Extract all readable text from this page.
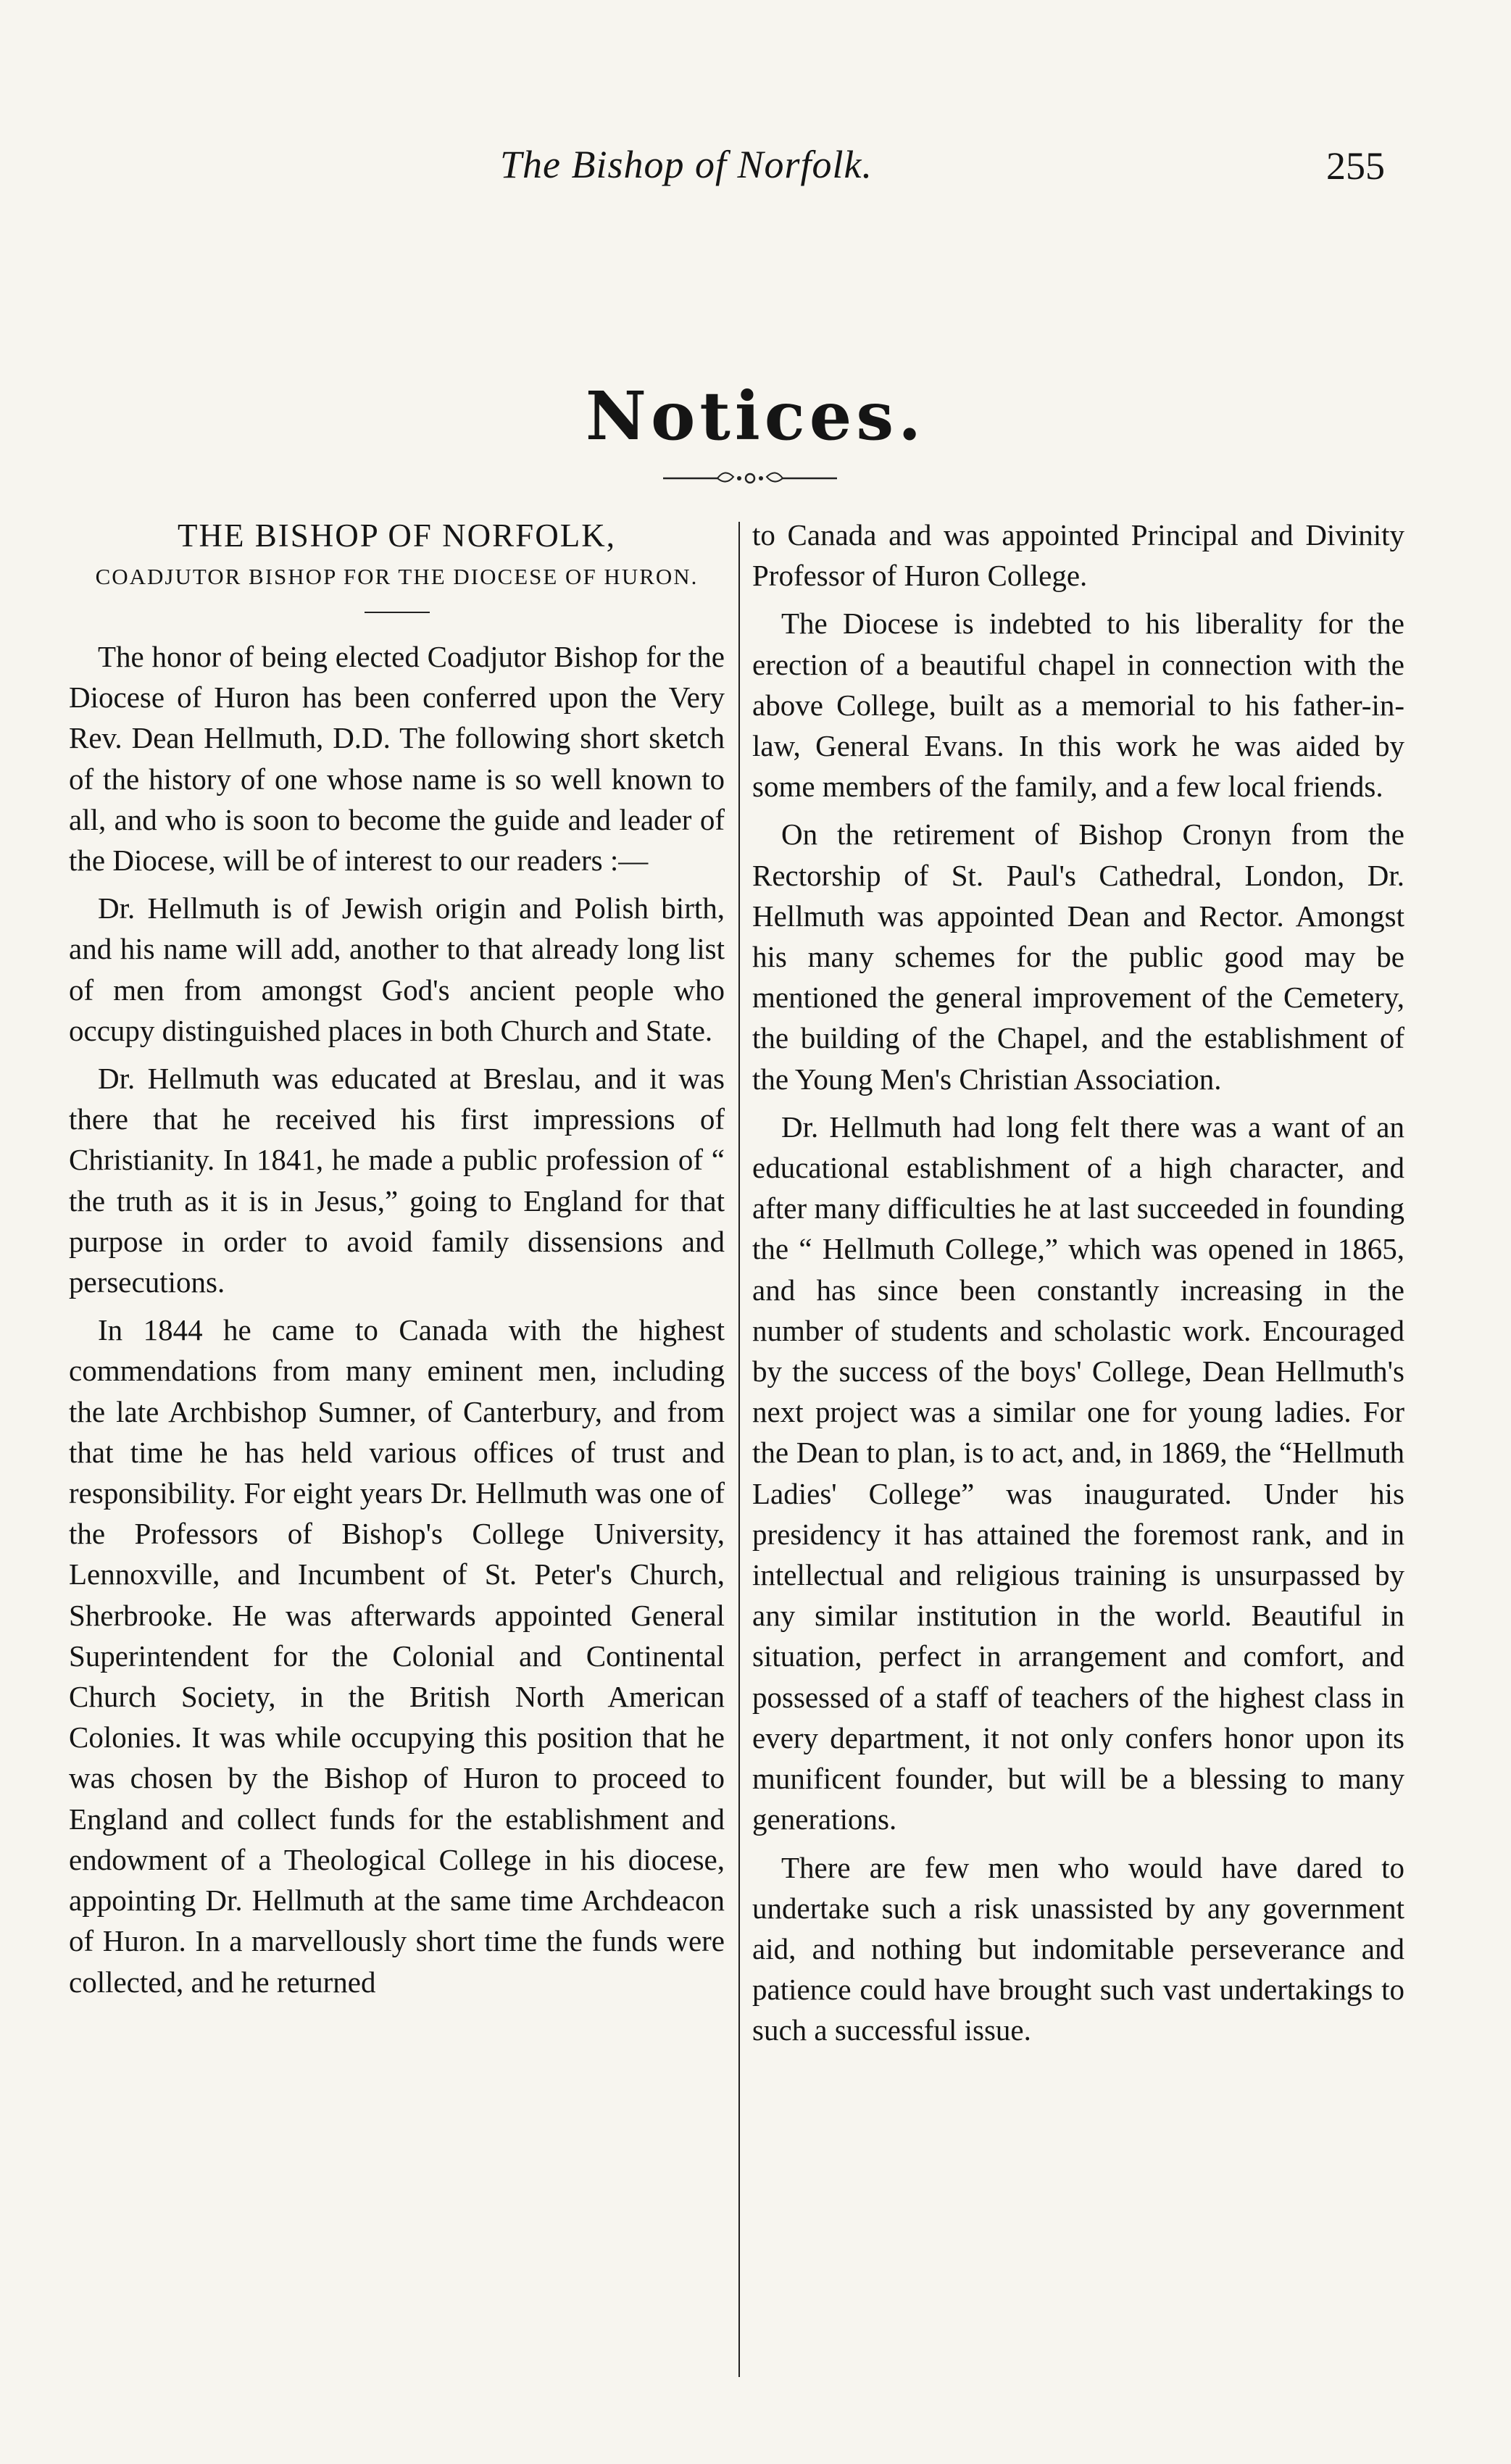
The Bishop of Norfolk.	255
Notices.
THE BISHOP OF NORFOLK,
COADJUTOR BISHOP FOR THE DIOCESE OF HURON.

The honor of being elected Coadjutor Bishop for the Diocese of Huron has been conferred upon the Very Rev. Dean Hellmuth, D.D. The following short sketch of the history of one whose name is so well known to all, and who is soon to become the guide and leader of the Diocese, will be of interest to our readers :—

Dr. Hellmuth is of Jewish origin and Polish birth, and his name will add, another to that already long list of men from amongst God's ancient people who occupy distinguished places in both Church and State.

Dr. Hellmuth was educated at Breslau, and it was there that he received his first impressions of Christianity. In 1841, he made a public profession of “ the truth as it is in Jesus,” going to England for that purpose in order to avoid family dissensions and persecutions.

In 1844 he came to Canada with the highest commendations from many eminent men, including the late Archbishop Sumner, of Canterbury, and from that time he has held various offices of trust and responsibility. For eight years Dr. Hellmuth was one of the Professors of Bishop's College University, Lennoxville, and Incumbent of St. Peter's Church, Sherbrooke. He was afterwards appointed General Superintendent for the Colonial and Continental Church Society, in the British North American Colonies. It was while occupying this position that he was chosen by the Bishop of Huron to proceed to England and collect funds for the establishment and endowment of a Theological College in his diocese, appointing Dr. Hellmuth at the same time Archdeacon of Huron. In a marvellously short time the funds were collected, and he returned

to Canada and was appointed Principal and Divinity Professor of Huron College.

The Diocese is indebted to his liberality for the erection of a beautiful chapel in connection with the above College, built as a memorial to his father-in-law, General Evans. In this work he was aided by some members of the family, and a few local friends.

On the retirement of Bishop Cronyn from the Rectorship of St. Paul's Cathedral, London, Dr. Hellmuth was appointed Dean and Rector. Amongst his many schemes for the public good may be mentioned the general improvement of the Cemetery, the building of the Chapel, and the establishment of the Young Men's Christian Association.

Dr. Hellmuth had long felt there was a want of an educational establishment of a high character, and after many difficulties he at last succeeded in founding the “ Hellmuth College,” which was opened in 1865, and has since been constantly increasing in the number of students and scholastic work. Encouraged by the success of the boys' College, Dean Hellmuth's next project was a similar one for young ladies. For the Dean to plan, is to act, and, in 1869, the “Hellmuth Ladies' College” was inaugurated. Under his presidency it has attained the foremost rank, and in intellectual and religious training is unsurpassed by any similar institution in the world. Beautiful in situation, perfect in arrangement and comfort, and possessed of a staff of teachers of the highest class in every department, it not only confers honor upon its munificent founder, but will be a blessing to many generations.

There are few men who would have dared to undertake such a risk unassisted by any government aid, and nothing but indomitable perseverance and patience could have brought such vast undertakings to such a successful issue.
